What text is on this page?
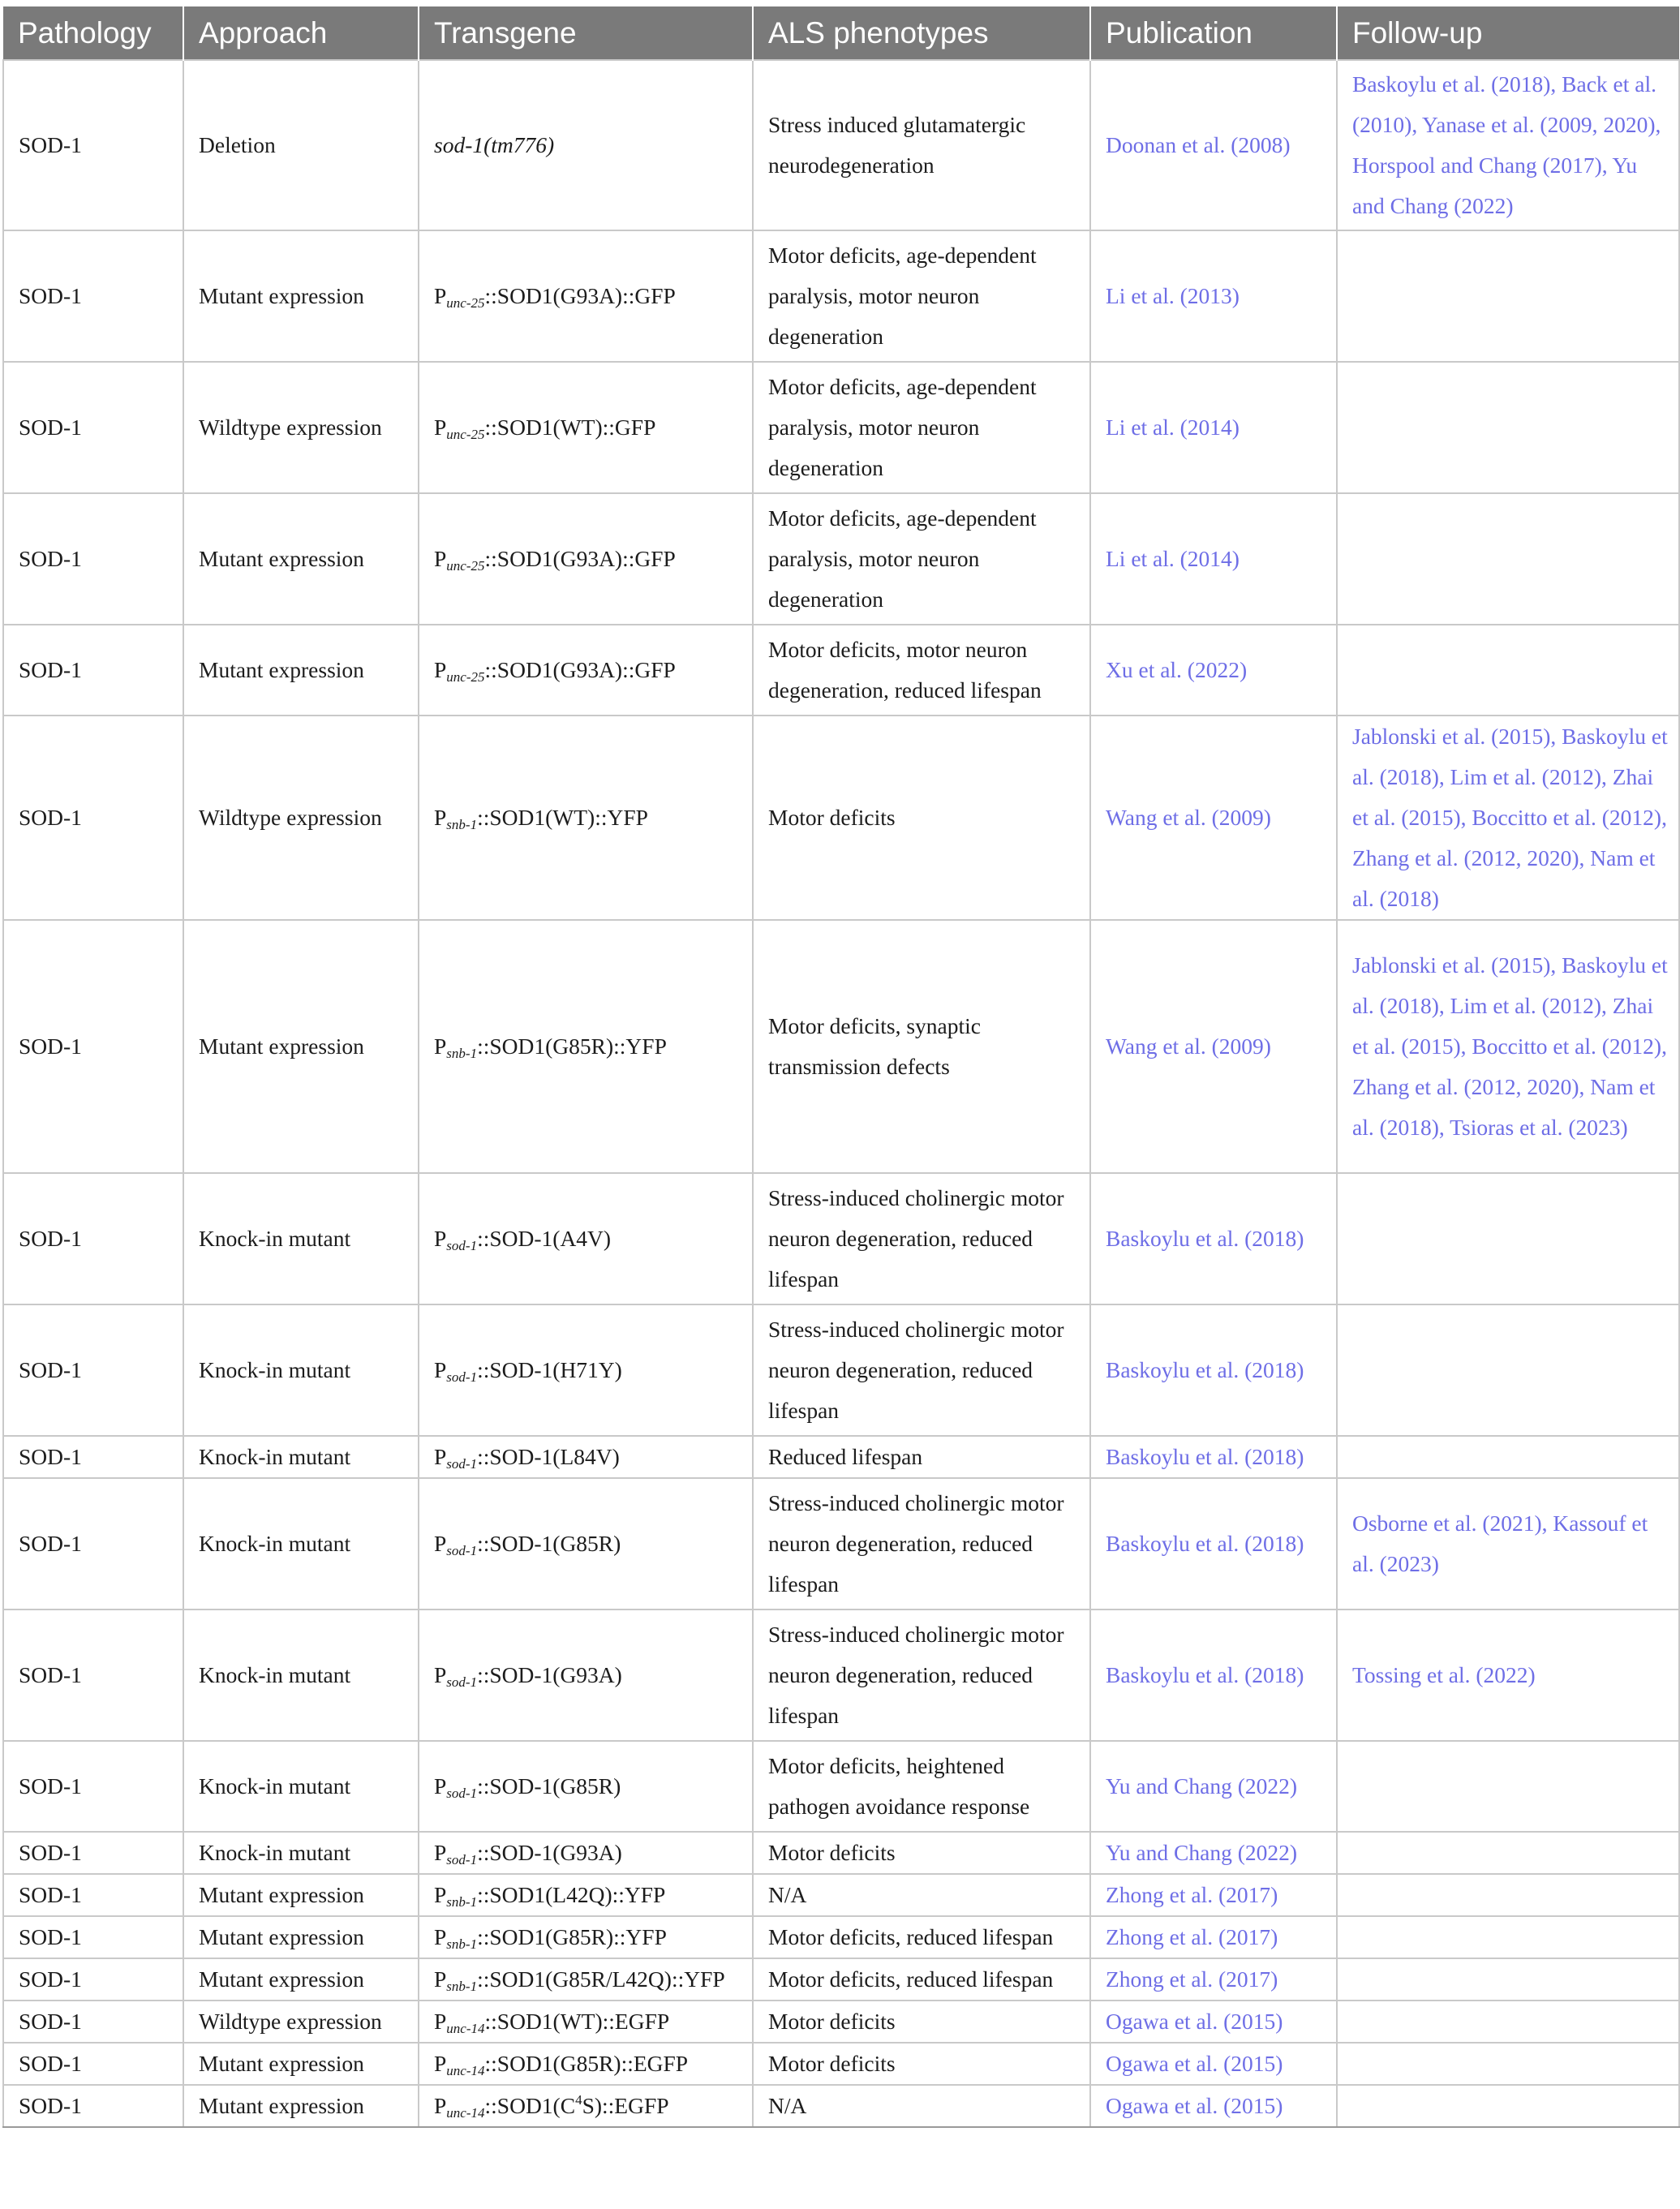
Pathology	Approach	Transgene	ALS phenotypes	Publication	Follow-up
SOD-1	Deletion	sod-1(tm776)	Stress induced glutamatergic neurodegeneration	Doonan et al. (2008)	Baskoylu et al. (2018), Back et al. (2010), Yanase et al. (2009, 2020), Horspool and Chang (2017), Yu and Chang (2022)
SOD-1	Mutant expression	$P_{unc-25}::SOD1(G93A)::GFP$	Motor deficits, age-dependent paralysis, motor neuron degeneration	Li et al. (2013)	
SOD-1	Wildtype expression	$P_{unc-25}::SOD1(WT)::GFP$	Motor deficits, age-dependent paralysis, motor neuron degeneration	Li et al. (2014)	
SOD-1	Mutant expression	$P_{unc-25}::SOD1(G93A)::GFP$	Motor deficits, age-dependent paralysis, motor neuron degeneration	Li et al. (2014)	
SOD-1	Mutant expression	$P_{unc-25}::SOD1(G93A)::GFP$	Motor deficits, motor neuron degeneration, reduced lifespan	Xu et al. (2022)	
SOD-1	Wildtype expression	$P_{snb-1}::SOD1(WT)::YFP$	Motor deficits	Wang et al. (2009)	Jablonski et al. (2015), Baskoylu et al. (2018), Lim et al. (2012), Zhai et al. (2015), Boccitto et al. (2012), Zhang et al. (2012, 2020), Nam et al. (2018)
SOD-1	Mutant expression	$P_{snb-1}::SOD1(G85R)::YFP$	Motor deficits, synaptic transmission defects	Wang et al. (2009)	Jablonski et al. (2015), Baskoylu et al. (2018), Lim et al. (2012), Zhai et al. (2015), Boccitto et al. (2012), Zhang et al. (2012, 2020), Nam et al. (2018), Tsioras et al. (2023)
SOD-1	Knock-in mutant	$P_{sod-1}::SOD-1(A4V)$	Stress-induced cholinergic motor neuron degeneration, reduced lifespan	Baskoylu et al. (2018)	
SOD-1	Knock-in mutant	$P_{sod-1}::SOD-1(H71Y)$	Stress-induced cholinergic motor neuron degeneration, reduced lifespan	Baskoylu et al. (2018)	
SOD-1	Knock-in mutant	$P_{sod-1}::SOD-1(L84V)$	Reduced lifespan	Baskoylu et al. (2018)	
SOD-1	Knock-in mutant	$P_{sod-1}::SOD-1(G85R)$	Stress-induced cholinergic motor neuron degeneration, reduced lifespan	Baskoylu et al. (2018)	Osborne et al. (2021), Kassouf et al. (2023)
SOD-1	Knock-in mutant	$P_{sod-1}::SOD-1(G93A)$	Stress-induced cholinergic motor neuron degeneration, reduced lifespan	Baskoylu et al. (2018)	Tossing et al. (2022)
SOD-1	Knock-in mutant	$P_{sod-1}::SOD-1(G85R)$	Motor deficits, heightened pathogen avoidance response	Yu and Chang (2022)	
SOD-1	Knock-in mutant	$P_{sod-1}::SOD-1(G93A)$	Motor deficits	Yu and Chang (2022)	
SOD-1	Mutant expression	$P_{snb-1}::SOD1(L42Q)::YFP$	N/A	Zhong et al. (2017)	
SOD-1	Mutant expression	$P_{snb-1}::SOD1(G85R)::YFP$	Motor deficits, reduced lifespan	Zhong et al. (2017)	
SOD-1	Mutant expression	$P_{snb-1}::SOD1(G85R/L42Q)::YFP$	Motor deficits, reduced lifespan	Zhong et al. (2017)	
SOD-1	Wildtype expression	$P_{unc-14}::SOD1(WT)::EGFP$	Motor deficits	Ogawa et al. (2015)	
SOD-1	Mutant expression	$P_{unc-14}::SOD1(G85R)::EGFP$	Motor deficits	Ogawa et al. (2015)	
SOD-1	Mutant expression	$P_{unc-14}::SOD1(C^4S)::EGFP$	N/A	Ogawa et al. (2015)	
